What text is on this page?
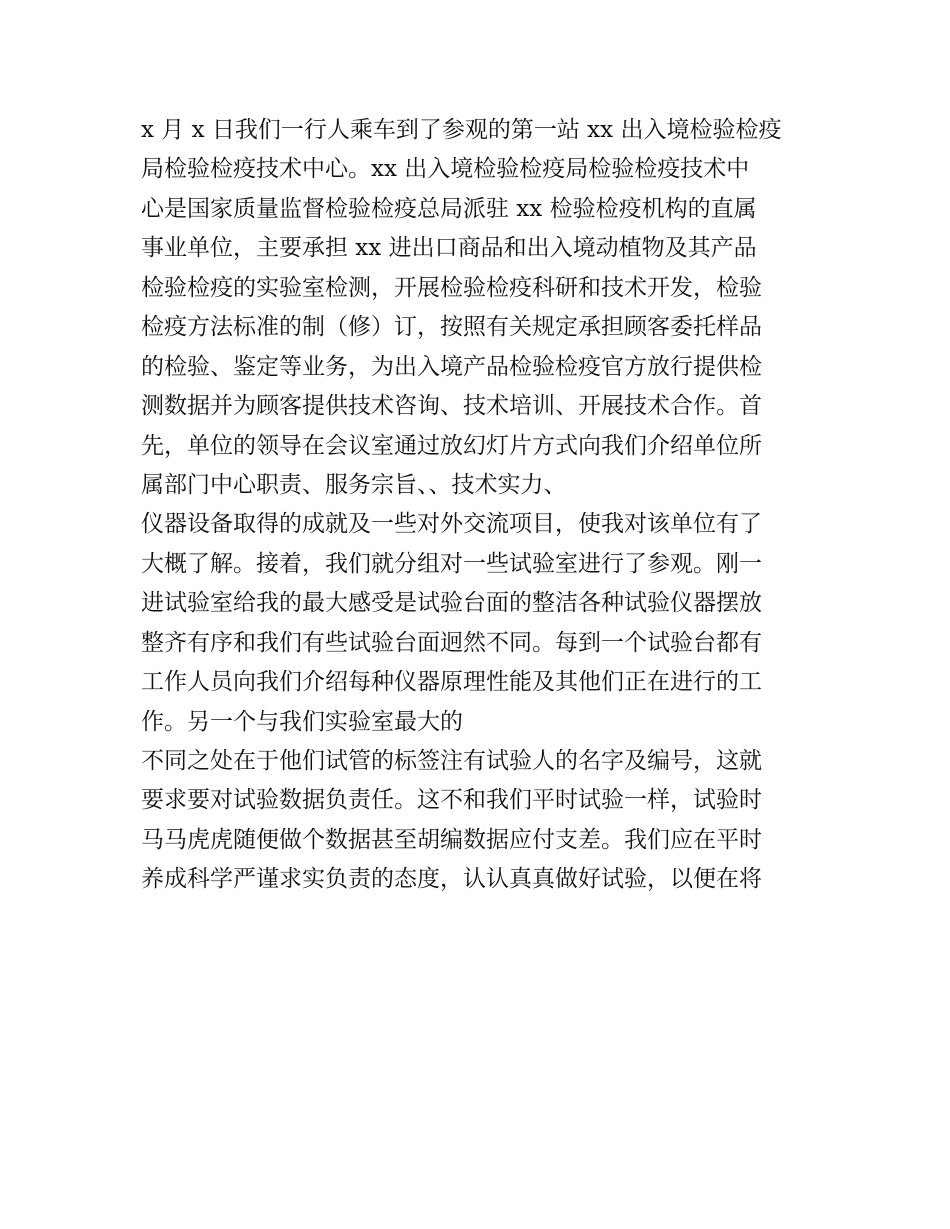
x 月 x 日我们一行人乘车到了参观的第一站 xx 出入境检验检疫
局检验检疫技术中心。xx 出入境检验检疫局检验检疫技术中
心是国家质量监督检验检疫总局派驻 xx 检验检疫机构的直属
事业单位，主要承担 xx 进出口商品和出入境动植物及其产品
检验检疫的实验室检测，开展检验检疫科研和技术开发，检验
检疫方法标准的制（修）订，按照有关规定承担顾客委托样品
的检验、鉴定等业务，为出入境产品检验检疫官方放行提供检
测数据并为顾客提供技术咨询、技术培训、开展技术合作。首
先，单位的领导在会议室通过放幻灯片方式向我们介绍单位所
属部门中心职责、服务宗旨、、技术实力、
仪器设备取得的成就及一些对外交流项目，使我对该单位有了
大概了解。接着，我们就分组对一些试验室进行了参观。刚一
进试验室给我的最大感受是试验台面的整洁各种试验仪器摆放
整齐有序和我们有些试验台面迥然不同。每到一个试验台都有
工作人员向我们介绍每种仪器原理性能及其他们正在进行的工
作。另一个与我们实验室最大的
不同之处在于他们试管的标签注有试验人的名字及编号，这就
要求要对试验数据负责任。这不和我们平时试验一样，试验时
马马虎虎随便做个数据甚至胡编数据应付支差。我们应在平时
养成科学严谨求实负责的态度，认认真真做好试验，以便在将
